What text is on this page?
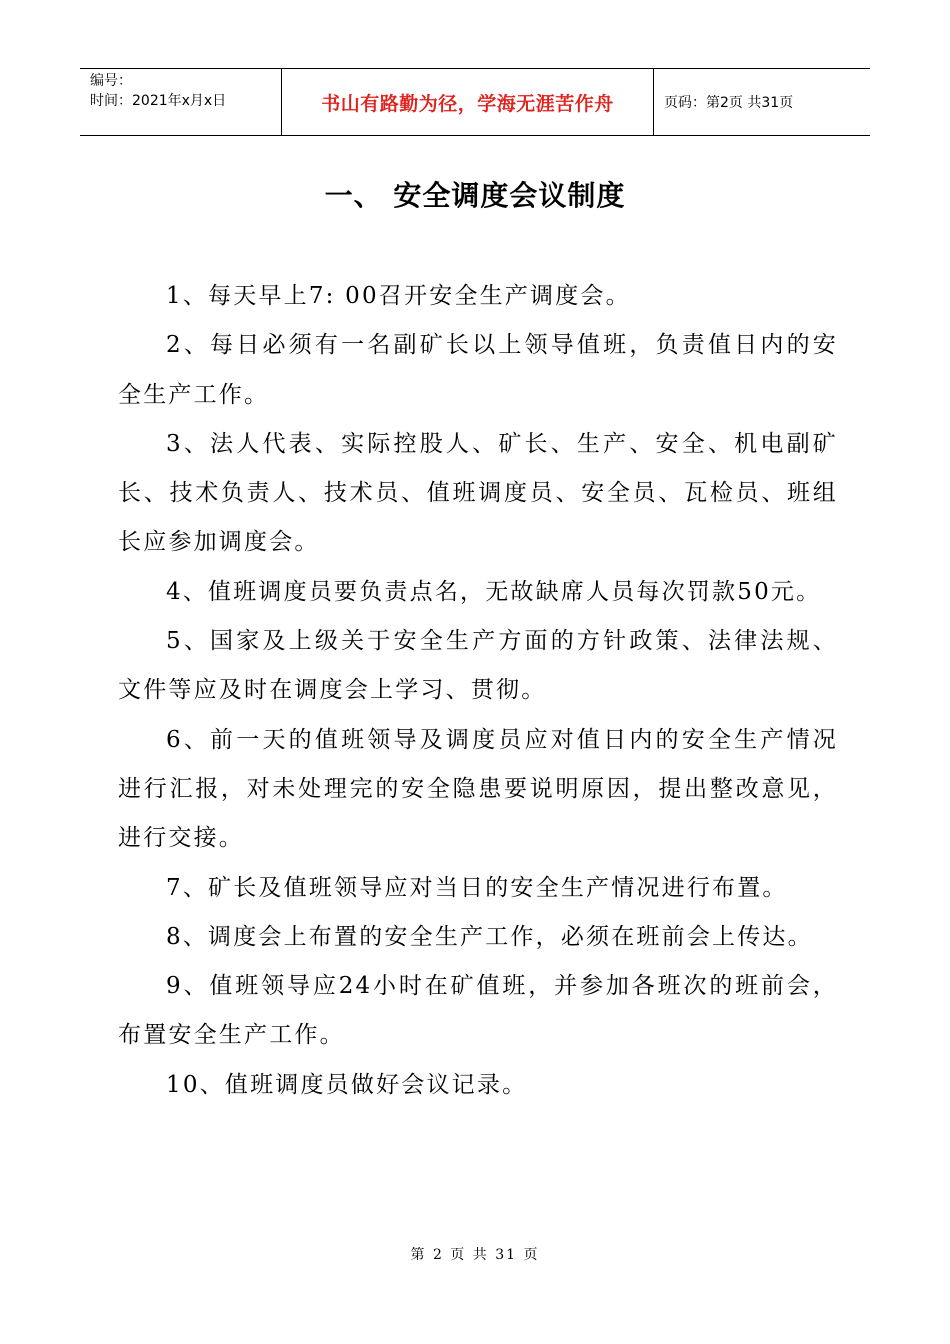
编号：
时间：2021年x月x日	书山有路勤为径，学海无涯苦作舟	页码：第2页 共31页
一、 安全调度会议制度

1、每天早上7: 00召开安全生产调度会。

2、每日必须有一名副矿长以上领导值班，负责值日内的安全生产工作。

3、法人代表、实际控股人、矿长、生产、安全、机电副矿长、技术负责人、技术员、值班调度员、安全员、瓦检员、班组长应参加调度会。

4、值班调度员要负责点名，无故缺席人员每次罚款50元。

5、国家及上级关于安全生产方面的方针政策、法律法规、文件等应及时在调度会上学习、贯彻。

6、前一天的值班领导及调度员应对值日内的安全生产情况进行汇报，对未处理完的安全隐患要说明原因，提出整改意见，进行交接。

7、矿长及值班领导应对当日的安全生产情况进行布置。

8、调度会上布置的安全生产工作，必须在班前会上传达。

9、值班领导应24小时在矿值班，并参加各班次的班前会，布置安全生产工作。

10、值班调度员做好会议记录。

第 2 页 共 31 页
